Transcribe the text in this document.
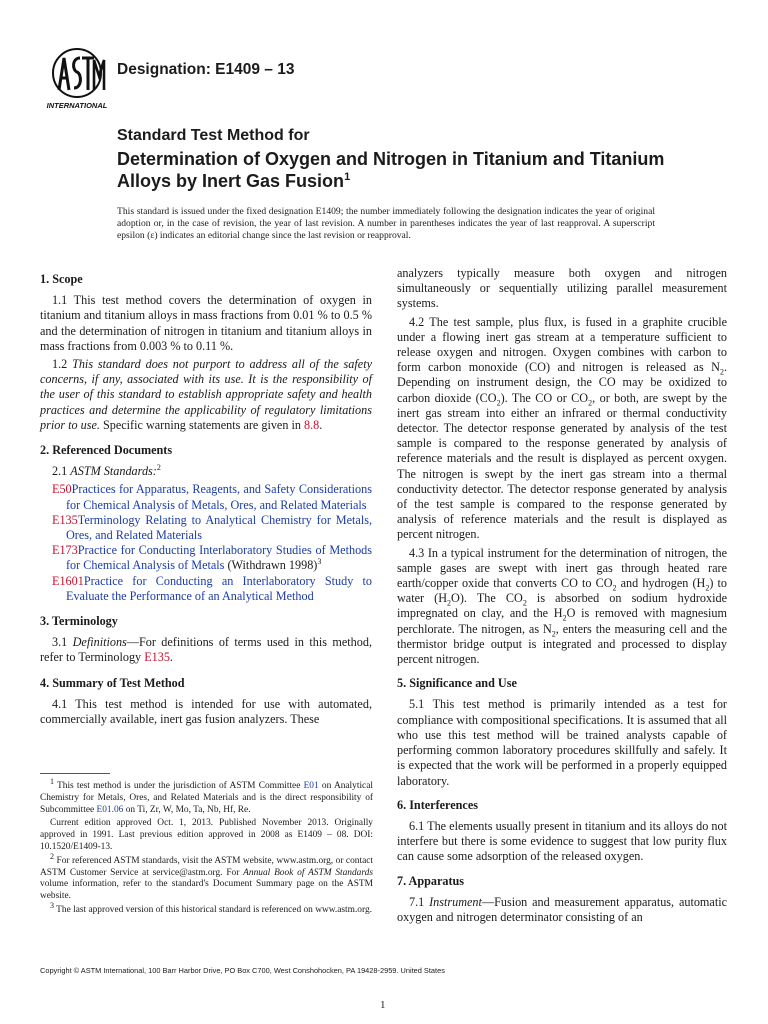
INTERNATIONAL
Designation: E1409 – 13
Standard Test Method for
Determination of Oxygen and Nitrogen in Titanium and Titanium Alloys by Inert Gas Fusion$^1$
This standard is issued under the fixed designation E1409; the number immediately following the designation indicates the year of original adoption or, in the case of revision, the year of last revision. A number in parentheses indicates the year of last reapproval. A superscript epsilon (ε) indicates an editorial change since the last revision or reapproval.
1. Scope

1.1 This test method covers the determination of oxygen in titanium and titanium alloys in mass fractions from 0.01 % to 0.5 % and the determination of nitrogen in titanium and titanium alloys in mass fractions from 0.003 % to 0.11 %.

1.2 This standard does not purport to address all of the safety concerns, if any, associated with its use. It is the responsibility of the user of this standard to establish appropriate safety and health practices and determine the applicability of regulatory limitations prior to use. Specific warning statements are given in 8.8.

2. Referenced Documents

2.1 ASTM Standards:$^2$

E50Practices for Apparatus, Reagents, and Safety Considerations for Chemical Analysis of Metals, Ores, and Related Materials
E135Terminology Relating to Analytical Chemistry for Metals, Ores, and Related Materials
E173Practice for Conducting Interlaboratory Studies of Methods for Chemical Analysis of Metals (Withdrawn 1998)$^3$
E1601Practice for Conducting an Interlaboratory Study to Evaluate the Performance of an Analytical Method
3. Terminology

3.1 Definitions—For definitions of terms used in this method, refer to Terminology E135.

4. Summary of Test Method

4.1 This test method is intended for use with automated, commercially available, inert gas fusion analyzers. These

$^1$ This test method is under the jurisdiction of ASTM Committee E01 on Analytical Chemistry for Metals, Ores, and Related Materials and is the direct responsibility of Subcommittee E01.06 on Ti, Zr, W, Mo, Ta, Nb, Hf, Re.

Current edition approved Oct. 1, 2013. Published November 2013. Originally approved in 1991. Last previous edition approved in 2008 as E1409 – 08. DOI: 10.1520/E1409-13.

$^2$ For referenced ASTM standards, visit the ASTM website, www.astm.org, or contact ASTM Customer Service at service@astm.org. For Annual Book of ASTM Standards volume information, refer to the standard's Document Summary page on the ASTM website.

$^3$ The last approved version of this historical standard is referenced on www.astm.org.

analyzers typically measure both oxygen and nitrogen simultaneously or sequentially utilizing parallel measurement systems.

4.2 The test sample, plus flux, is fused in a graphite crucible under a flowing inert gas stream at a temperature sufficient to release oxygen and nitrogen. Oxygen combines with carbon to form carbon monoxide (CO) and nitrogen is released as $N_2$. Depending on instrument design, the CO may be oxidized to carbon dioxide $(CO_2)$. The CO or $CO_2$, or both, are swept by the inert gas stream into either an infrared or thermal conductivity detector. The detector response generated by analysis of the test sample is compared to the response generated by analysis of reference materials and the result is displayed as percent oxygen. The nitrogen is swept by the inert gas stream into a thermal conductivity detector. The detector response generated by analysis of the test sample is compared to the response generated by analysis of reference materials and the result is displayed as percent nitrogen.

4.3 In a typical instrument for the determination of nitrogen, the sample gases are swept with inert gas through heated rare earth/copper oxide that converts CO to $CO_2$ and hydrogen $(H_2)$ to water $(H_2O)$. The $CO_2$ is absorbed on sodium hydroxide impregnated on clay, and the $H_2O$ is removed with magnesium perchlorate. The nitrogen, as $N_2$, enters the measuring cell and the thermistor bridge output is integrated and processed to display percent nitrogen.

5. Significance and Use

5.1 This test method is primarily intended as a test for compliance with compositional specifications. It is assumed that all who use this test method will be trained analysts capable of performing common laboratory procedures skillfully and safely. It is expected that the work will be performed in a properly equipped laboratory.

6. Interferences

6.1 The elements usually present in titanium and its alloys do not interfere but there is some evidence to suggest that low purity flux can cause some adsorption of the released oxygen.

7. Apparatus

7.1 Instrument—Fusion and measurement apparatus, automatic oxygen and nitrogen determinator consisting of an

Copyright © ASTM International, 100 Barr Harbor Drive, PO Box C700, West Conshohocken, PA 19428-2959. United States
1
